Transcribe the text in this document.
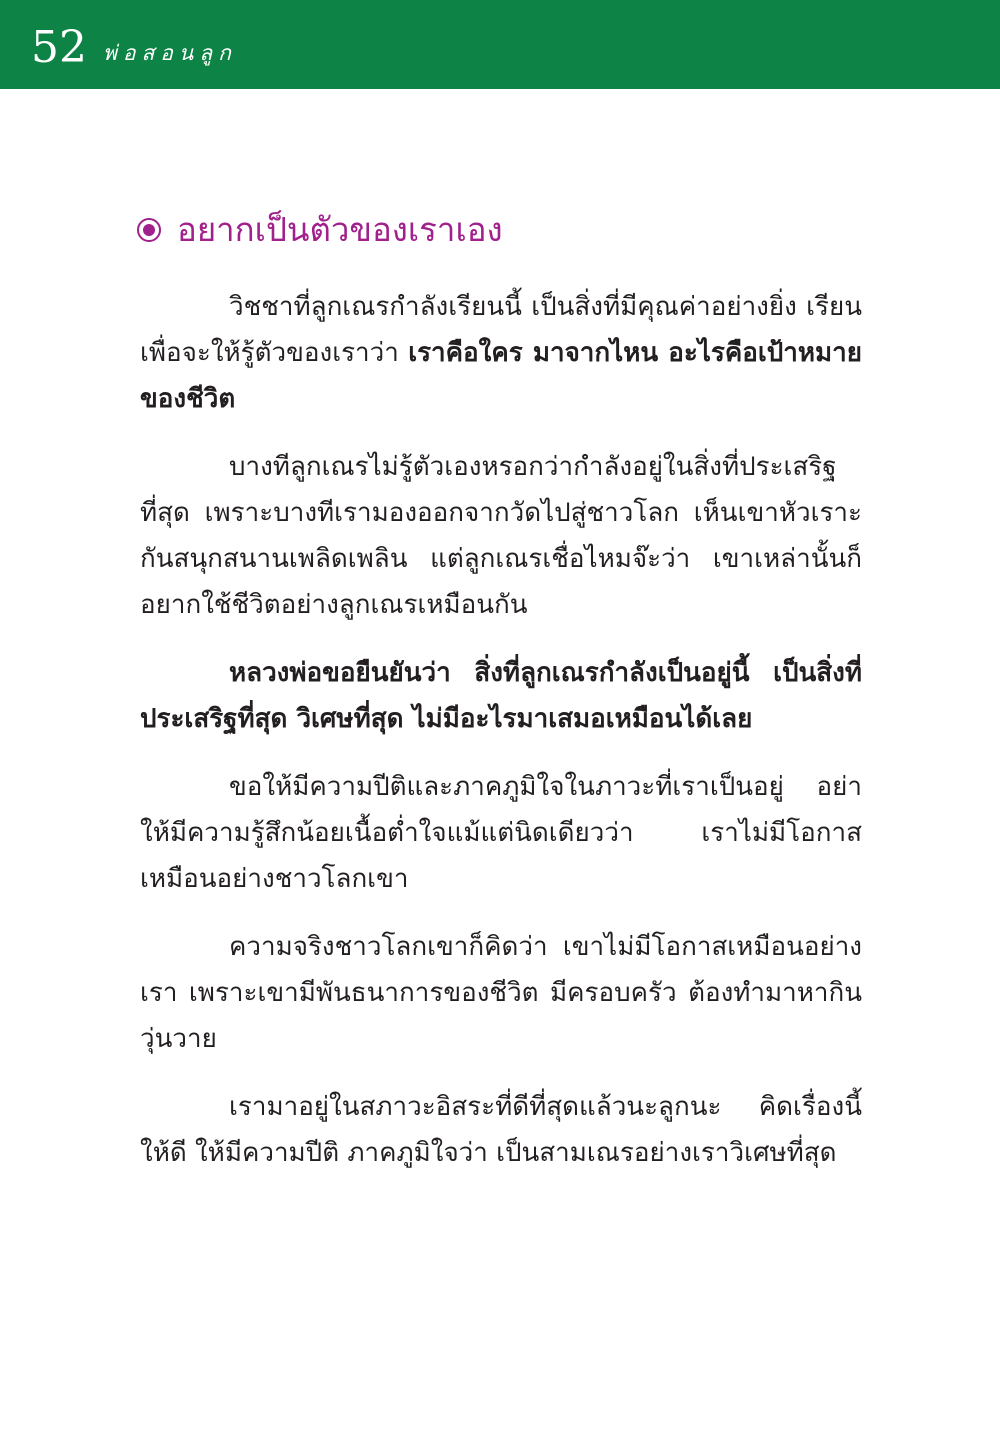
52 พ่อสอนลูก
อยากเป็นตัวของเราเอง

วิชชาที่ลูกเณรกำลังเรียนนี้ เป็นสิ่งที่มีคุณค่าอย่างยิ่ง เรียนเพื่อจะให้รู้ตัวของเราว่า เราคือใคร มาจากไหน อะไรคือเป้าหมายของชีวิต

บางทีลูกเณรไม่รู้ตัวเองหรอกว่ากำลังอยู่ในสิ่งที่ประเสริฐที่สุด เพราะบางทีเรามองออกจากวัดไปสู่ชาวโลก เห็นเขาหัวเราะกันสนุกสนานเพลิดเพลิน แต่ลูกเณรเชื่อไหมจ๊ะว่า เขาเหล่านั้นก็อยากใช้ชีวิตอย่างลูกเณรเหมือนกัน

หลวงพ่อขอยืนยันว่า สิ่งที่ลูกเณรกำลังเป็นอยู่นี้ เป็นสิ่งที่ประเสริฐที่สุด วิเศษที่สุด ไม่มีอะไรมาเสมอเหมือนได้เลย

ขอให้มีความปีติและภาคภูมิใจในภาวะที่เราเป็นอยู่ อย่าให้มีความรู้สึกน้อยเนื้อต่ำใจแม้แต่นิดเดียวว่า เราไม่มีโอกาสเหมือนอย่างชาวโลกเขา

ความจริงชาวโลกเขาก็คิดว่า เขาไม่มีโอกาสเหมือนอย่างเรา เพราะเขามีพันธนาการของชีวิต มีครอบครัว ต้องทำมาหากินวุ่นวาย

เรามาอยู่ในสภาวะอิสระที่ดีที่สุดแล้วนะลูกนะ คิดเรื่องนี้ให้ดี ให้มีความปีติ ภาคภูมิใจว่า เป็นสามเณรอย่างเราวิเศษที่สุด
